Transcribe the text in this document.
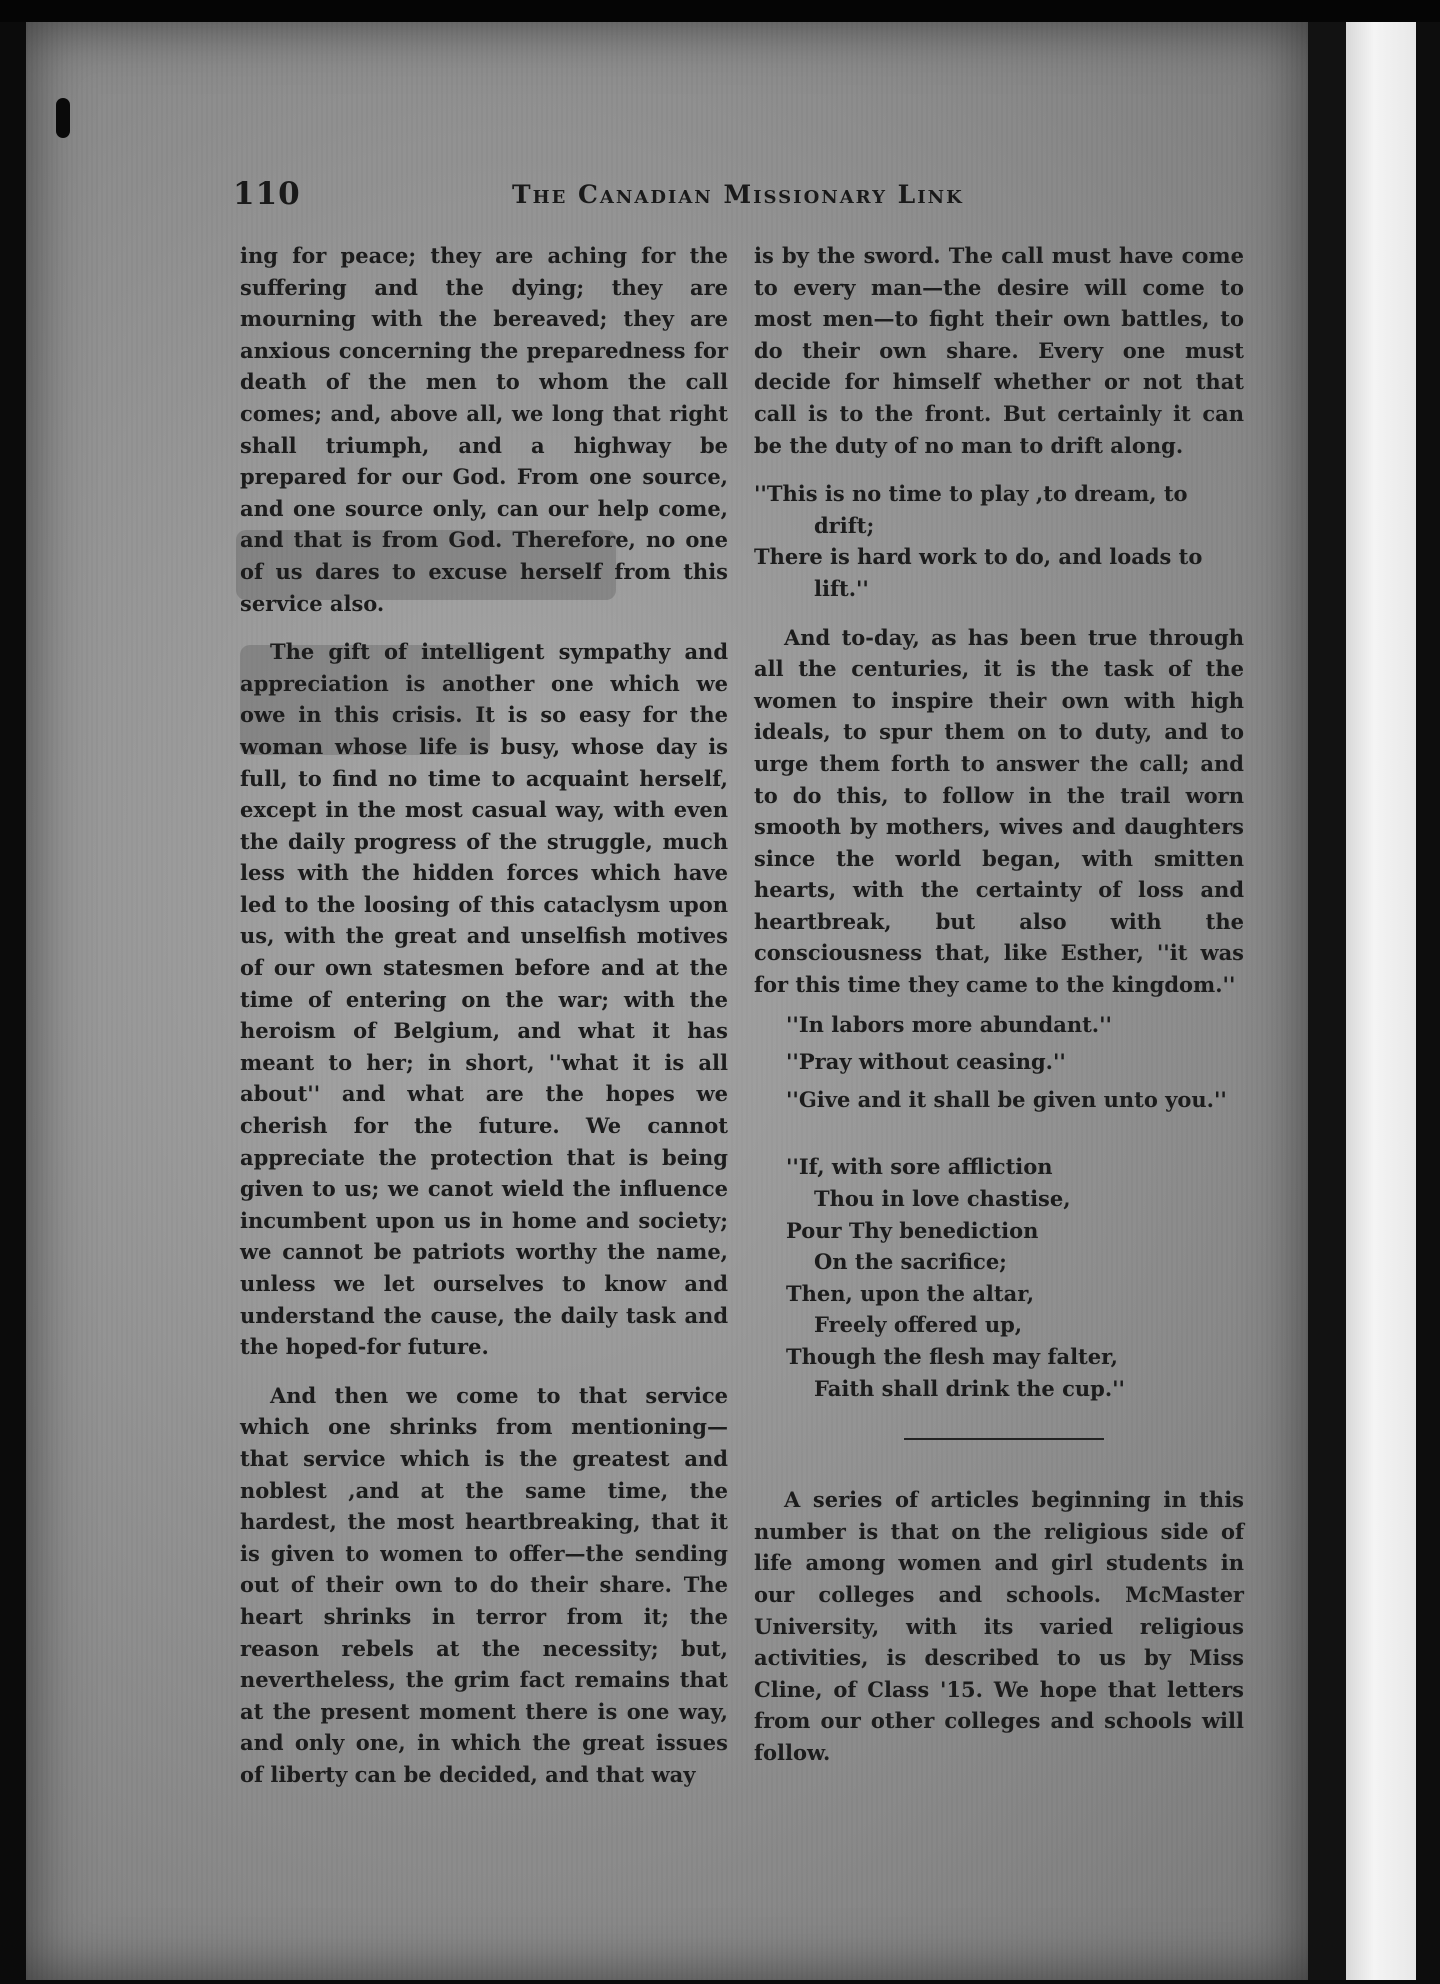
110	The Canadian Missionary Link

ing for peace; they are aching for the suffering and the dying; they are mourning with the bereaved; they are anxious concerning the preparedness for death of the men to whom the call comes; and, above all, we long that right shall triumph, and a highway be prepared for our God. From one source, and one source only, can our help come, and that is from God. Therefore, no one of us dares to excuse herself from this service also.

The gift of intelligent sympathy and appreciation is another one which we owe in this crisis. It is so easy for the woman whose life is busy, whose day is full, to find no time to acquaint herself, except in the most casual way, with even the daily progress of the struggle, much less with the hidden forces which have led to the loosing of this cataclysm upon us, with the great and unselfish motives of our own statesmen before and at the time of entering on the war; with the heroism of Belgium, and what it has meant to her; in short, ''what it is all about'' and what are the hopes we cherish for the future. We cannot appreciate the protection that is being given to us; we canot wield the influence incumbent upon us in home and society; we cannot be patriots worthy the name, unless we let ourselves to know and understand the cause, the daily task and the hoped-for future.

And then we come to that service which one shrinks from mentioning—that service which is the greatest and noblest ,and at the same time, the hardest, the most heartbreaking, that it is given to women to offer—the sending out of their own to do their share. The heart shrinks in terror from it; the reason rebels at the necessity; but, nevertheless, the grim fact remains that at the present moment there is one way, and only one, in which the great issues of liberty can be decided, and that way

is by the sword. The call must have come to every man—the desire will come to most men—to fight their own battles, to do their own share. Every one must decide for himself whether or not that call is to the front. But certainly it can be the duty of no man to drift along.

''This is no time to play ,to dream, to drift;

There is hard work to do, and loads to lift.''

And to-day, as has been true through all the centuries, it is the task of the women to inspire their own with high ideals, to spur them on to duty, and to urge them forth to answer the call; and to do this, to follow in the trail worn smooth by mothers, wives and daughters since the world began, with smitten hearts, with the certainty of loss and heartbreak, but also with the consciousness that, like Esther, ''it was for this time they came to the kingdom.''

''In labors more abundant.''

''Pray without ceasing.''

''Give and it shall be given unto you.''

''If, with sore affliction

Thou in love chastise,

Pour Thy benediction

On the sacrifice;

Then, upon the altar,

Freely offered up,

Though the flesh may falter,

Faith shall drink the cup.''

A series of articles beginning in this number is that on the religious side of life among women and girl students in our colleges and schools. McMaster University, with its varied religious activities, is described to us by Miss Cline, of Class '15. We hope that letters from our other colleges and schools will follow.
